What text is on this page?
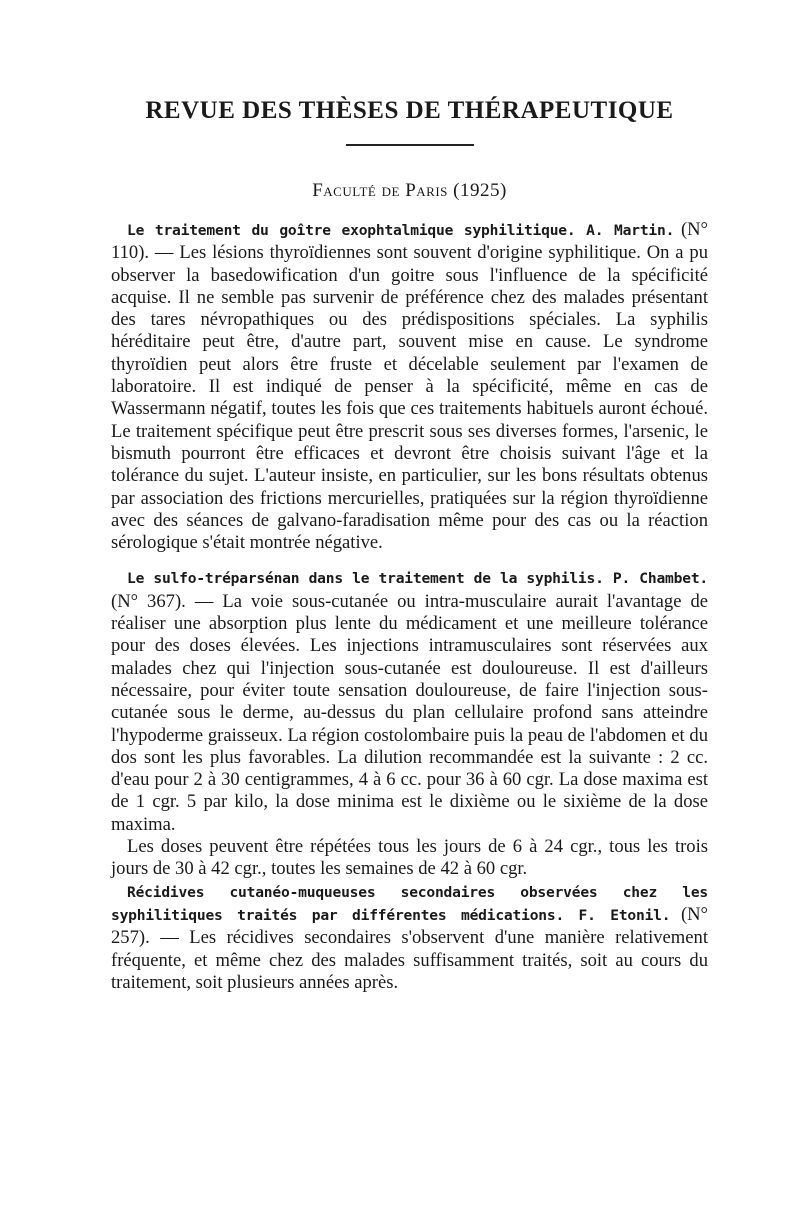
REVUE DES THÈSES DE THÉRAPEUTIQUE
Faculté de Paris (1925)

Le traitement du goître exophtalmique syphilitique. A. Martin. (N° 110). — Les lésions thyroïdiennes sont souvent d'origine syphilitique. On a pu observer la basedowification d'un goitre sous l'influence de la spécificité acquise. Il ne semble pas survenir de préférence chez des malades présentant des tares névropathiques ou des prédispositions spéciales. La syphilis héréditaire peut être, d'autre part, souvent mise en cause. Le syndrome thyroïdien peut alors être fruste et décelable seulement par l'examen de laboratoire. Il est indiqué de penser à la spécificité, même en cas de Wassermann négatif, toutes les fois que ces traitements habituels auront échoué. Le traitement spécifique peut être prescrit sous ses diverses formes, l'arsenic, le bismuth pourront être efficaces et devront être choisis suivant l'âge et la tolérance du sujet. L'auteur insiste, en particulier, sur les bons résultats obtenus par association des frictions mercurielles, pratiquées sur la région thyroïdienne avec des séances de galvano-faradisation même pour des cas ou la réaction sérologique s'était montrée négative.

Le sulfo-tréparsénan dans le traitement de la syphilis. P. Chambet. (N° 367). — La voie sous-cutanée ou intra-musculaire aurait l'avantage de réaliser une absorption plus lente du médicament et une meilleure tolérance pour des doses élevées. Les injections intramusculaires sont réservées aux malades chez qui l'injection sous-cutanée est douloureuse. Il est d'ailleurs nécessaire, pour éviter toute sensation douloureuse, de faire l'injection sous-cutanée sous le derme, au-dessus du plan cellulaire profond sans atteindre l'hypoderme graisseux. La région costolombaire puis la peau de l'abdomen et du dos sont les plus favorables. La dilution recommandée est la suivante : 2 cc. d'eau pour 2 à 30 centigrammes, 4 à 6 cc. pour 36 à 60 cgr. La dose maxima est de 1 cgr. 5 par kilo, la dose minima est le dixième ou le sixième de la dose maxima.

Les doses peuvent être répétées tous les jours de 6 à 24 cgr., tous les trois jours de 30 à 42 cgr., toutes les semaines de 42 à 60 cgr.

Récidives cutanéo-muqueuses secondaires observées chez les syphilitiques traités par différentes médications. F. Etonil. (N° 257). — Les récidives secondaires s'observent d'une manière relativement fréquente, et même chez des malades suffisamment traités, soit au cours du traitement, soit plusieurs années après.
